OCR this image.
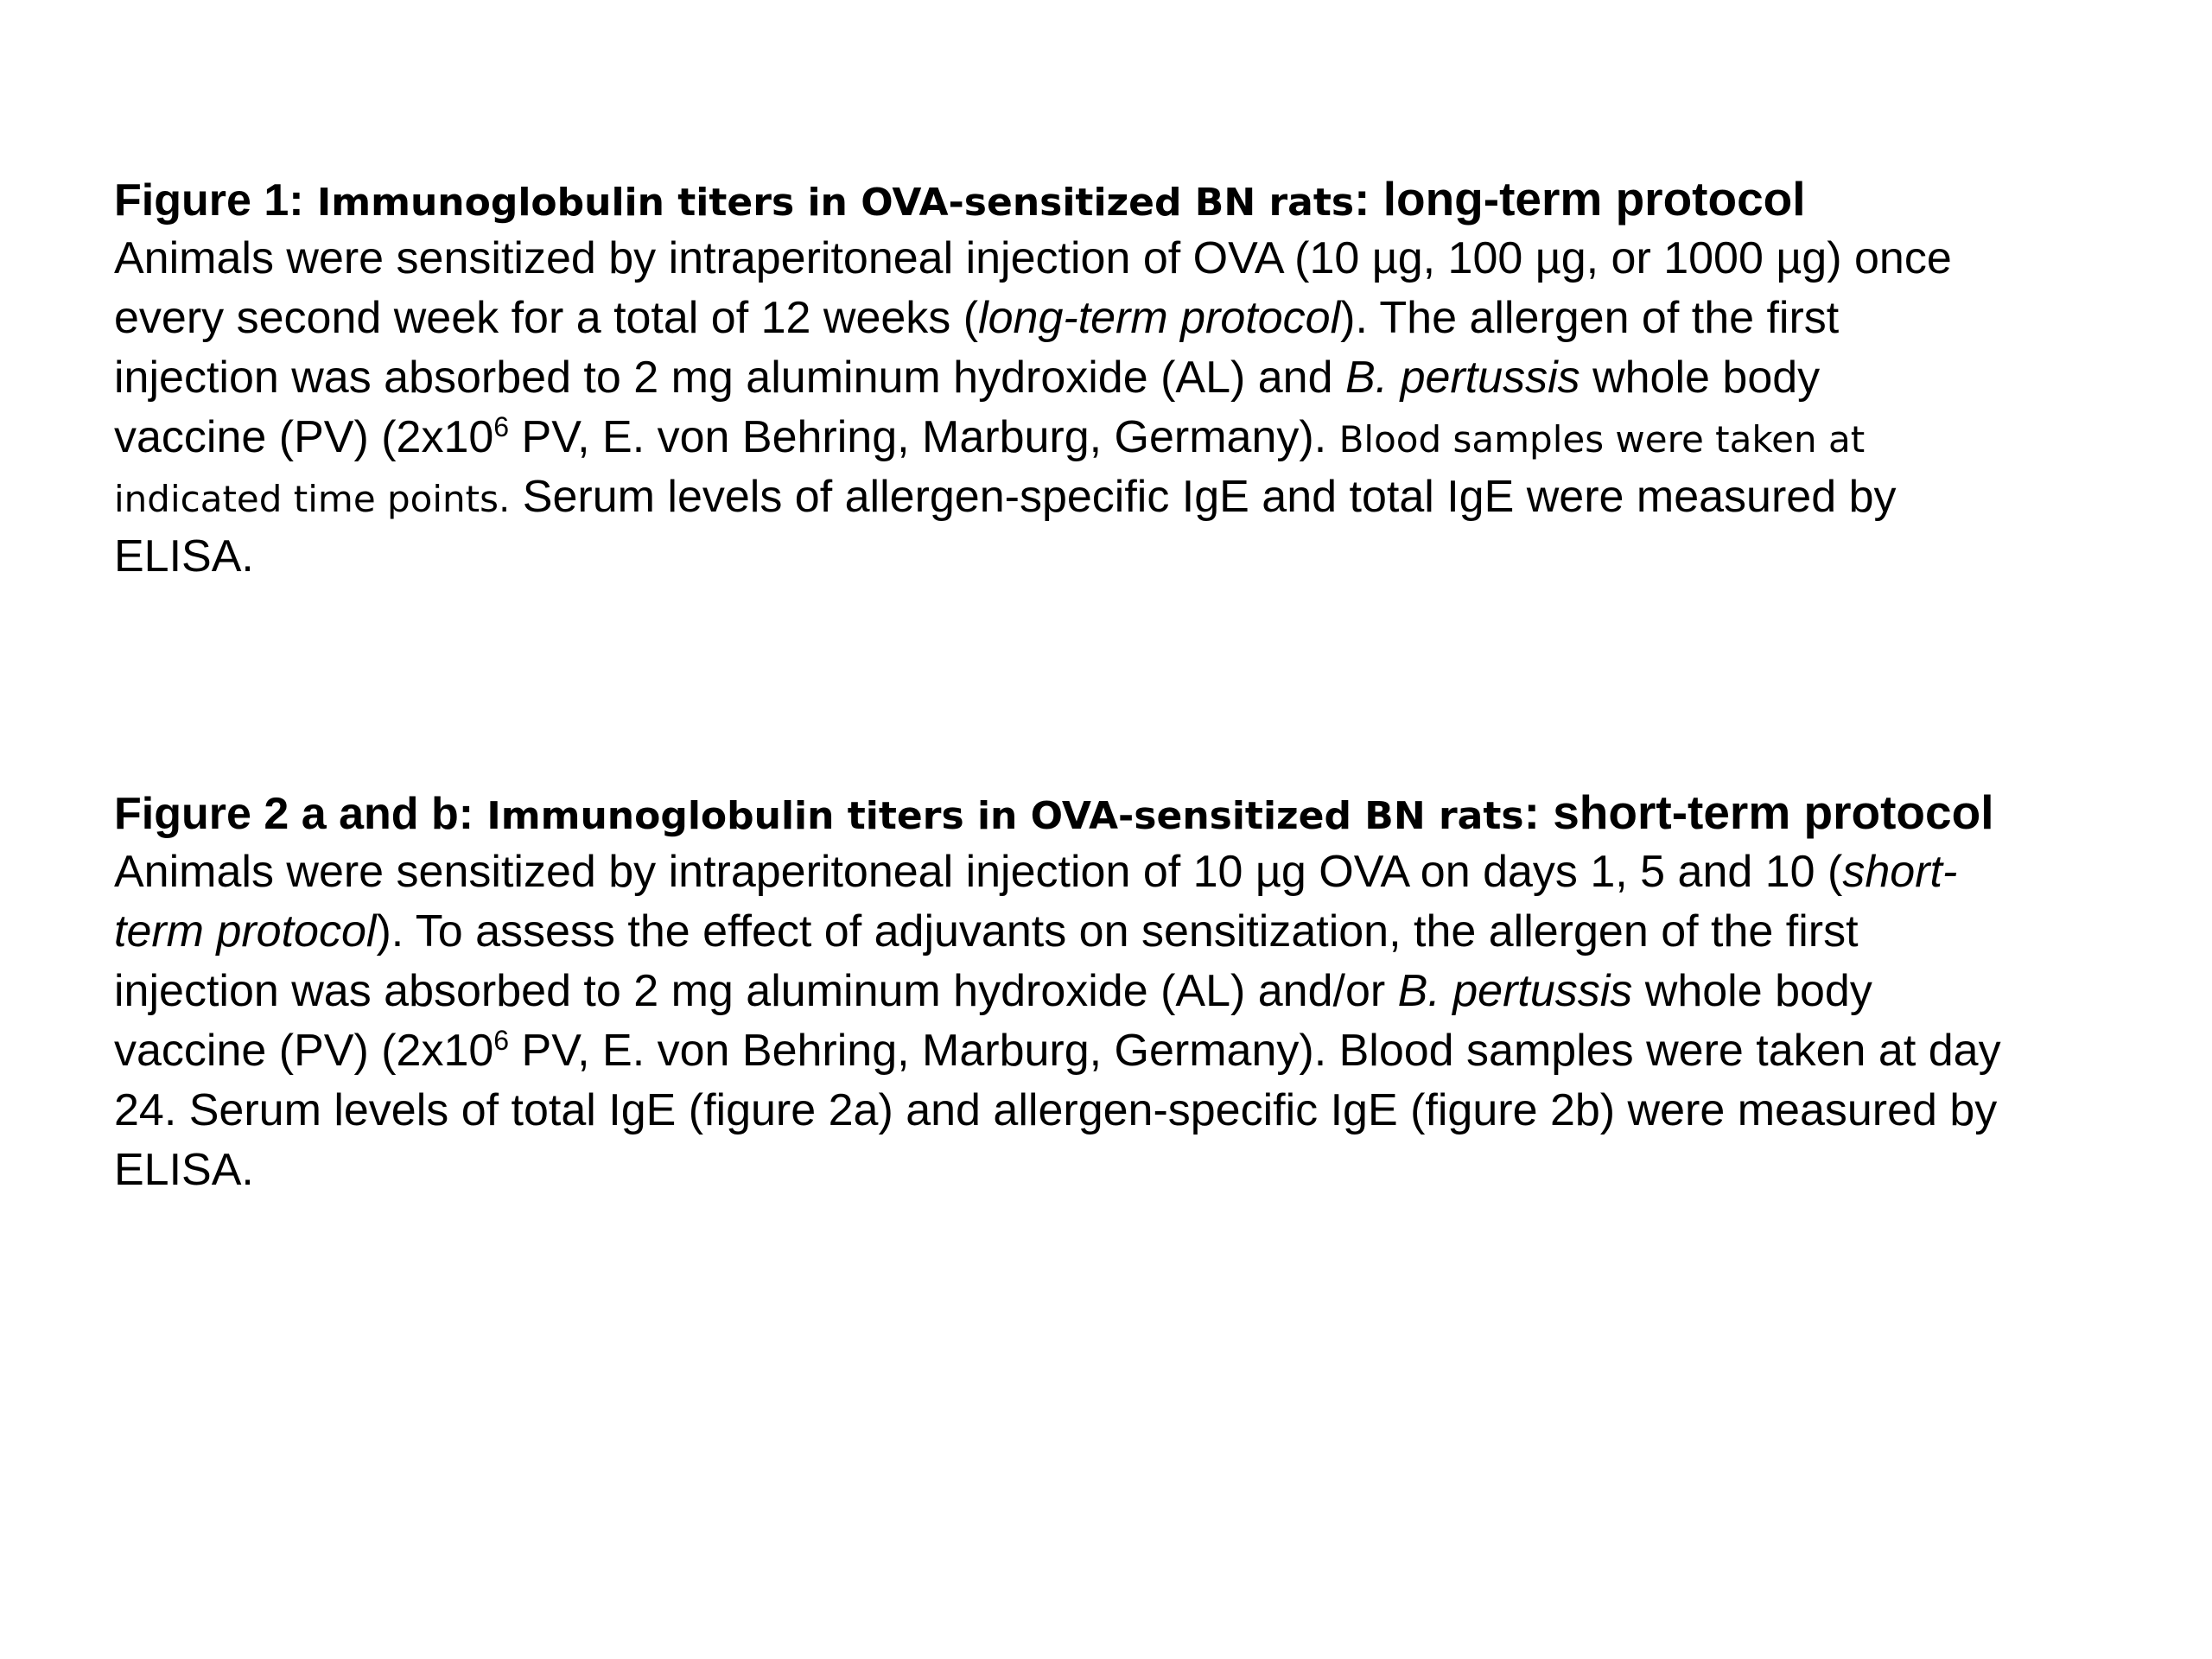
Figure 1: Immunoglobulin titers in OVA-sensitized BN rats: long-term protocol
Animals were sensitized by intraperitoneal injection of OVA (10 µg, 100 µg, or 1000 µg) once
every second week for a total of 12 weeks (long-term protocol). The allergen of the first
injection was absorbed to 2 mg aluminum hydroxide (AL) and B. pertussis whole body
vaccine (PV) ($2x10^6$ PV, E. von Behring, Marburg, Germany). Blood samples were taken at
indicated time points. Serum levels of allergen-specific IgE and total IgE were measured by
ELISA.
Figure 2 a and b: Immunoglobulin titers in OVA-sensitized BN rats: short-term protocol
Animals were sensitized by intraperitoneal injection of 10 µg OVA on days 1, 5 and 10 (short-
term protocol). To assess the effect of adjuvants on sensitization, the allergen of the first
injection was absorbed to 2 mg aluminum hydroxide (AL) and/or B. pertussis whole body
vaccine (PV) ($2x10^6$ PV, E. von Behring, Marburg, Germany). Blood samples were taken at day
24. Serum levels of total IgE (figure 2a) and allergen-specific IgE (figure 2b) were measured by
ELISA.
